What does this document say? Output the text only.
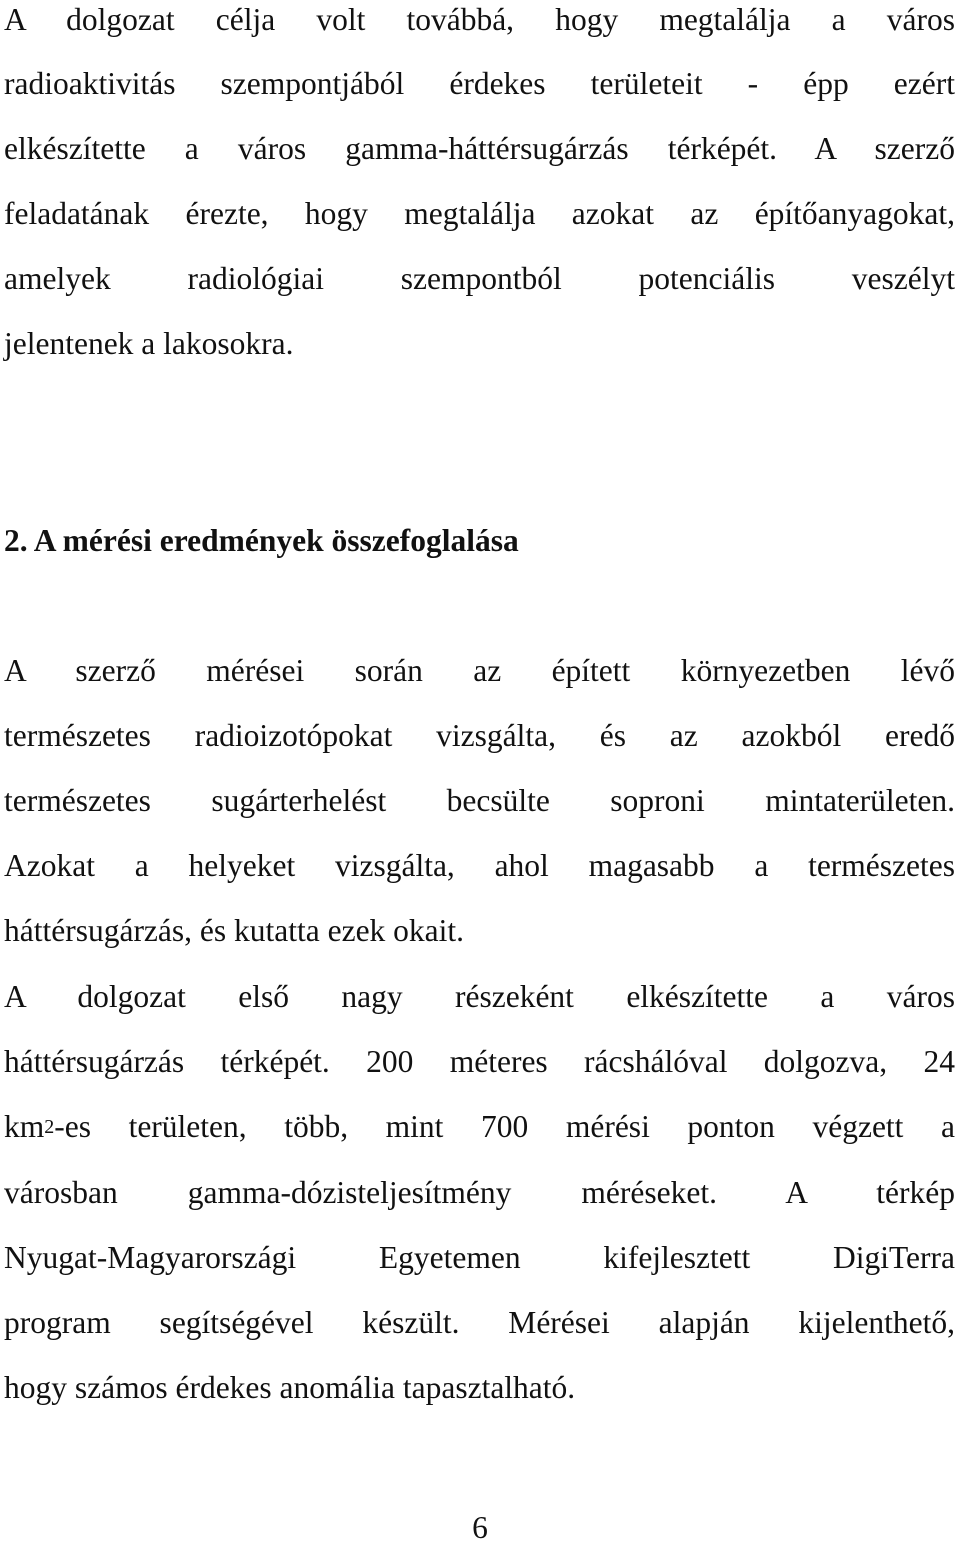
A dolgozat célja volt továbbá, hogy megtalálja a város
radioaktivitás szempontjából érdekes területeit - épp ezért
elkészítette a város gamma-háttérsugárzás térképét. A szerző
feladatának érezte, hogy megtalálja azokat az építőanyagokat,
amelyek radiológiai szempontból potenciális veszélyt
jelentenek a lakosokra.
2. A mérési eredmények összefoglalása
A szerző mérései során az épített környezetben lévő
természetes radioizotópokat vizsgálta, és az azokból eredő
természetes sugárterhelést becsülte soproni mintaterületen.
Azokat a helyeket vizsgálta, ahol magasabb a természetes
háttérsugárzás, és kutatta ezek okait.
A dolgozat első nagy részeként elkészítette a város
háttérsugárzás térképét. 200 méteres rácshálóval dolgozva, 24
$km^2-es$ területen, több, mint 700 mérési ponton végzett a
városban gamma-dózisteljesítmény méréseket. A térkép
Nyugat-Magyarországi Egyetemen kifejlesztett DigiTerra
program segítségével készült. Mérései alapján kijelenthető,
hogy számos érdekes anomália tapasztalható.
6
